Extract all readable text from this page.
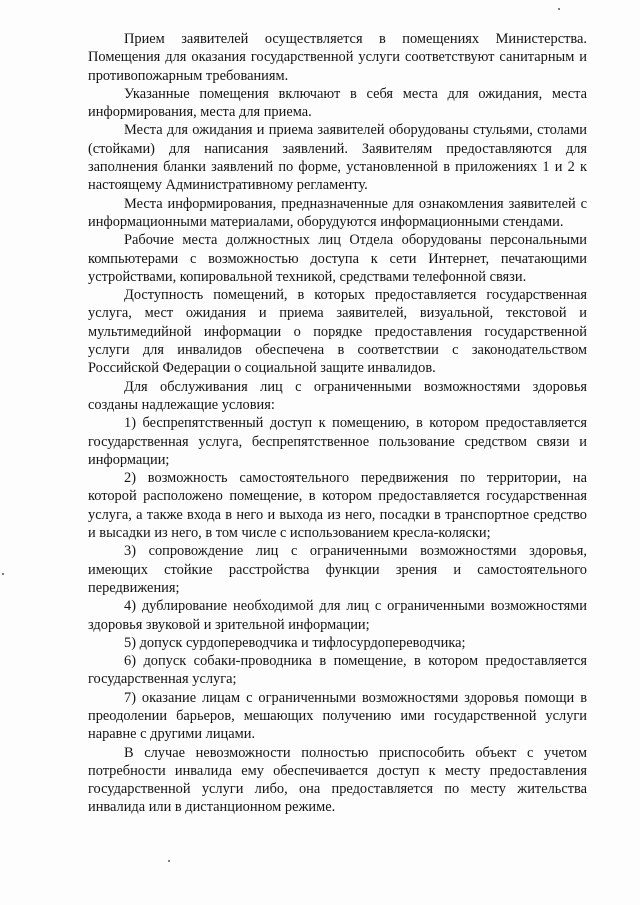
Прием заявителей осуществляется в помещениях Министерства. Помещения для оказания государственной услуги соответствуют санитарным и противопожарным требованиям.

Указанные помещения включают в себя места для ожидания, места информирования, места для приема.

Места для ожидания и приема заявителей оборудованы стульями, столами (стойками) для написания заявлений. Заявителям предоставляются для заполнения бланки заявлений по форме, установленной в приложениях 1 и 2 к настоящему Административному регламенту.

Места информирования, предназначенные для ознакомления заявителей с информационными материалами, оборудуются информационными стендами.

Рабочие места должностных лиц Отдела оборудованы персональными компьютерами с возможностью доступа к сети Интернет, печатающими устройствами, копировальной техникой, средствами телефонной связи.

Доступность помещений, в которых предоставляется государственная услуга, мест ожидания и приема заявителей, визуальной, текстовой и мультимедийной информации о порядке предоставления государственной услуги для инвалидов обеспечена в соответствии с законодательством Российской Федерации о социальной защите инвалидов.

Для обслуживания лиц с ограниченными возможностями здоровья созданы надлежащие условия:

1) беспрепятственный доступ к помещению, в котором предоставляется государственная услуга, беспрепятственное пользование средством связи и информации;

2) возможность самостоятельного передвижения по территории, на которой расположено помещение, в котором предоставляется государственная услуга, а также входа в него и выхода из него, посадки в транспортное средство и высадки из него, в том числе с использованием кресла-коляски;

3) сопровождение лиц с ограниченными возможностями здоровья, имеющих стойкие расстройства функции зрения и самостоятельного передвижения;

4) дублирование необходимой для лиц с ограниченными возможностями здоровья звуковой и зрительной информации;

5) допуск сурдопереводчика и тифлосурдопереводчика;

6) допуск собаки-проводника в помещение, в котором предоставляется государственная услуга;

7) оказание лицам с ограниченными возможностями здоровья помощи в преодолении барьеров, мешающих получению ими государственной услуги наравне с другими лицами.

В случае невозможности полностью приспособить объект с учетом потребности инвалида ему обеспечивается доступ к месту предоставления государственной услуги либо, она предоставляется по месту жительства инвалида или в дистанционном режиме.
